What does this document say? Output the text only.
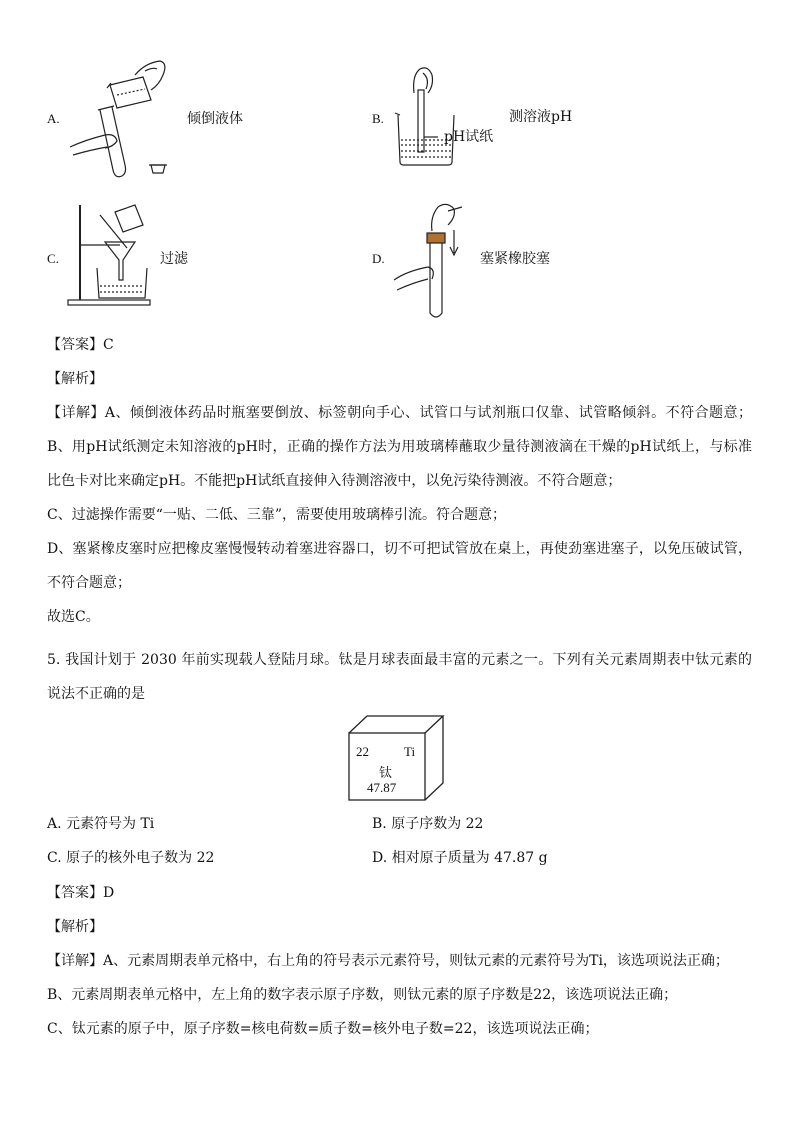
A.	倾倒液体	B.	测溶液pH
pH试纸
C.	过滤	D.	塞紧橡胶塞
【答案】C
【解析】
【详解】A、倾倒液体药品时瓶塞要倒放、标签朝向手心、试管口与试剂瓶口仅靠、试管略倾斜。不符合题意；
B、用pH试纸测定未知溶液的pH时，正确的操作方法为用玻璃棒蘸取少量待测液滴在干燥的pH试纸上，与标准
比色卡对比来确定pH。不能把pH试纸直接伸入待测溶液中，以免污染待测液。不符合题意；
C、过滤操作需要“一贴、二低、三靠”，需要使用玻璃棒引流。符合题意；
D、塞紧橡皮塞时应把橡皮塞慢慢转动着塞进容器口，切不可把试管放在桌上，再使劲塞进塞子，以免压破试管，
不符合题意；
故选C。
5. 我国计划于 2030 年前实现载人登陆月球。钛是月球表面最丰富的元素之一。下列有关元素周期表中钛元素的
说法不正确的是
22	Ti
钛
47.87
A. 元素符号为 Ti	B. 原子序数为 22
C. 原子的核外电子数为 22	D. 相对原子质量为 47.87 g
【答案】D
【解析】
【详解】A、元素周期表单元格中，右上角的符号表示元素符号，则钛元素的元素符号为Ti，该选项说法正确；
B、元素周期表单元格中，左上角的数字表示原子序数，则钛元素的原子序数是22，该选项说法正确；
C、钛元素的原子中，原子序数=核电荷数=质子数=核外电子数=22，该选项说法正确；
